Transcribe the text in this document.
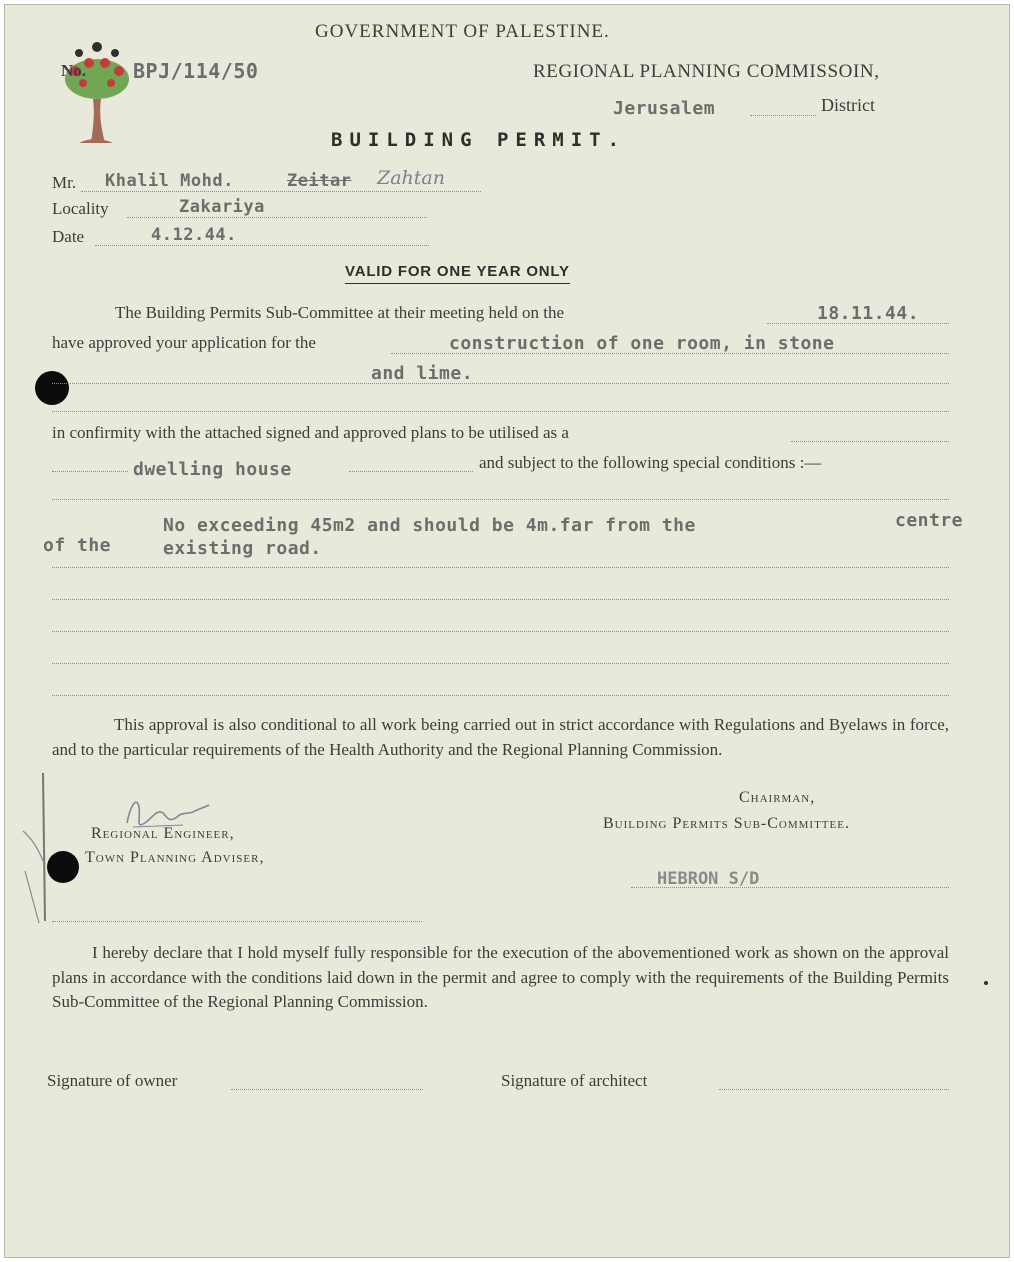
GOVERNMENT OF PALESTINE.
REGIONAL PLANNING COMMISSOIN,
No. BPJ/114/50
Jerusalem	District
BUILDING PERMIT.
Mr. Khalil Mohd.	Zeitar Zahtan
Locality	Zakariya
Date	4.12.44.
VALID FOR ONE YEAR ONLY
The Building Permits Sub-Committee at their meeting held on the	18.11.44.
have approved your application for the	construction of one room, in stone
and lime.
in confirmity with the attached signed and approved plans to be utilised as a
dwelling house	and subject to the following special conditions :—
No exceeding 45m2 and should be 4m.far from the	centre
of the	existing road.
This approval is also conditional to all work being carried out in strict accordance with Regulations and Byelaws in force, and to the particular requirements of the Health Authority and the Regional Planning Commission.
Chairman,
Building Permits Sub-Committee.
Regional Engineer,
Town Planning Adviser,
HEBRON S/D
I hereby declare that I hold myself fully responsible for the execution of the abovementioned work as shown on the approval plans in accordance with the conditions laid down in the permit and agree to comply with the requirements of the Building Permits Sub-Committee of the Regional Planning Commission.
Signature of owner	Signature of architect
